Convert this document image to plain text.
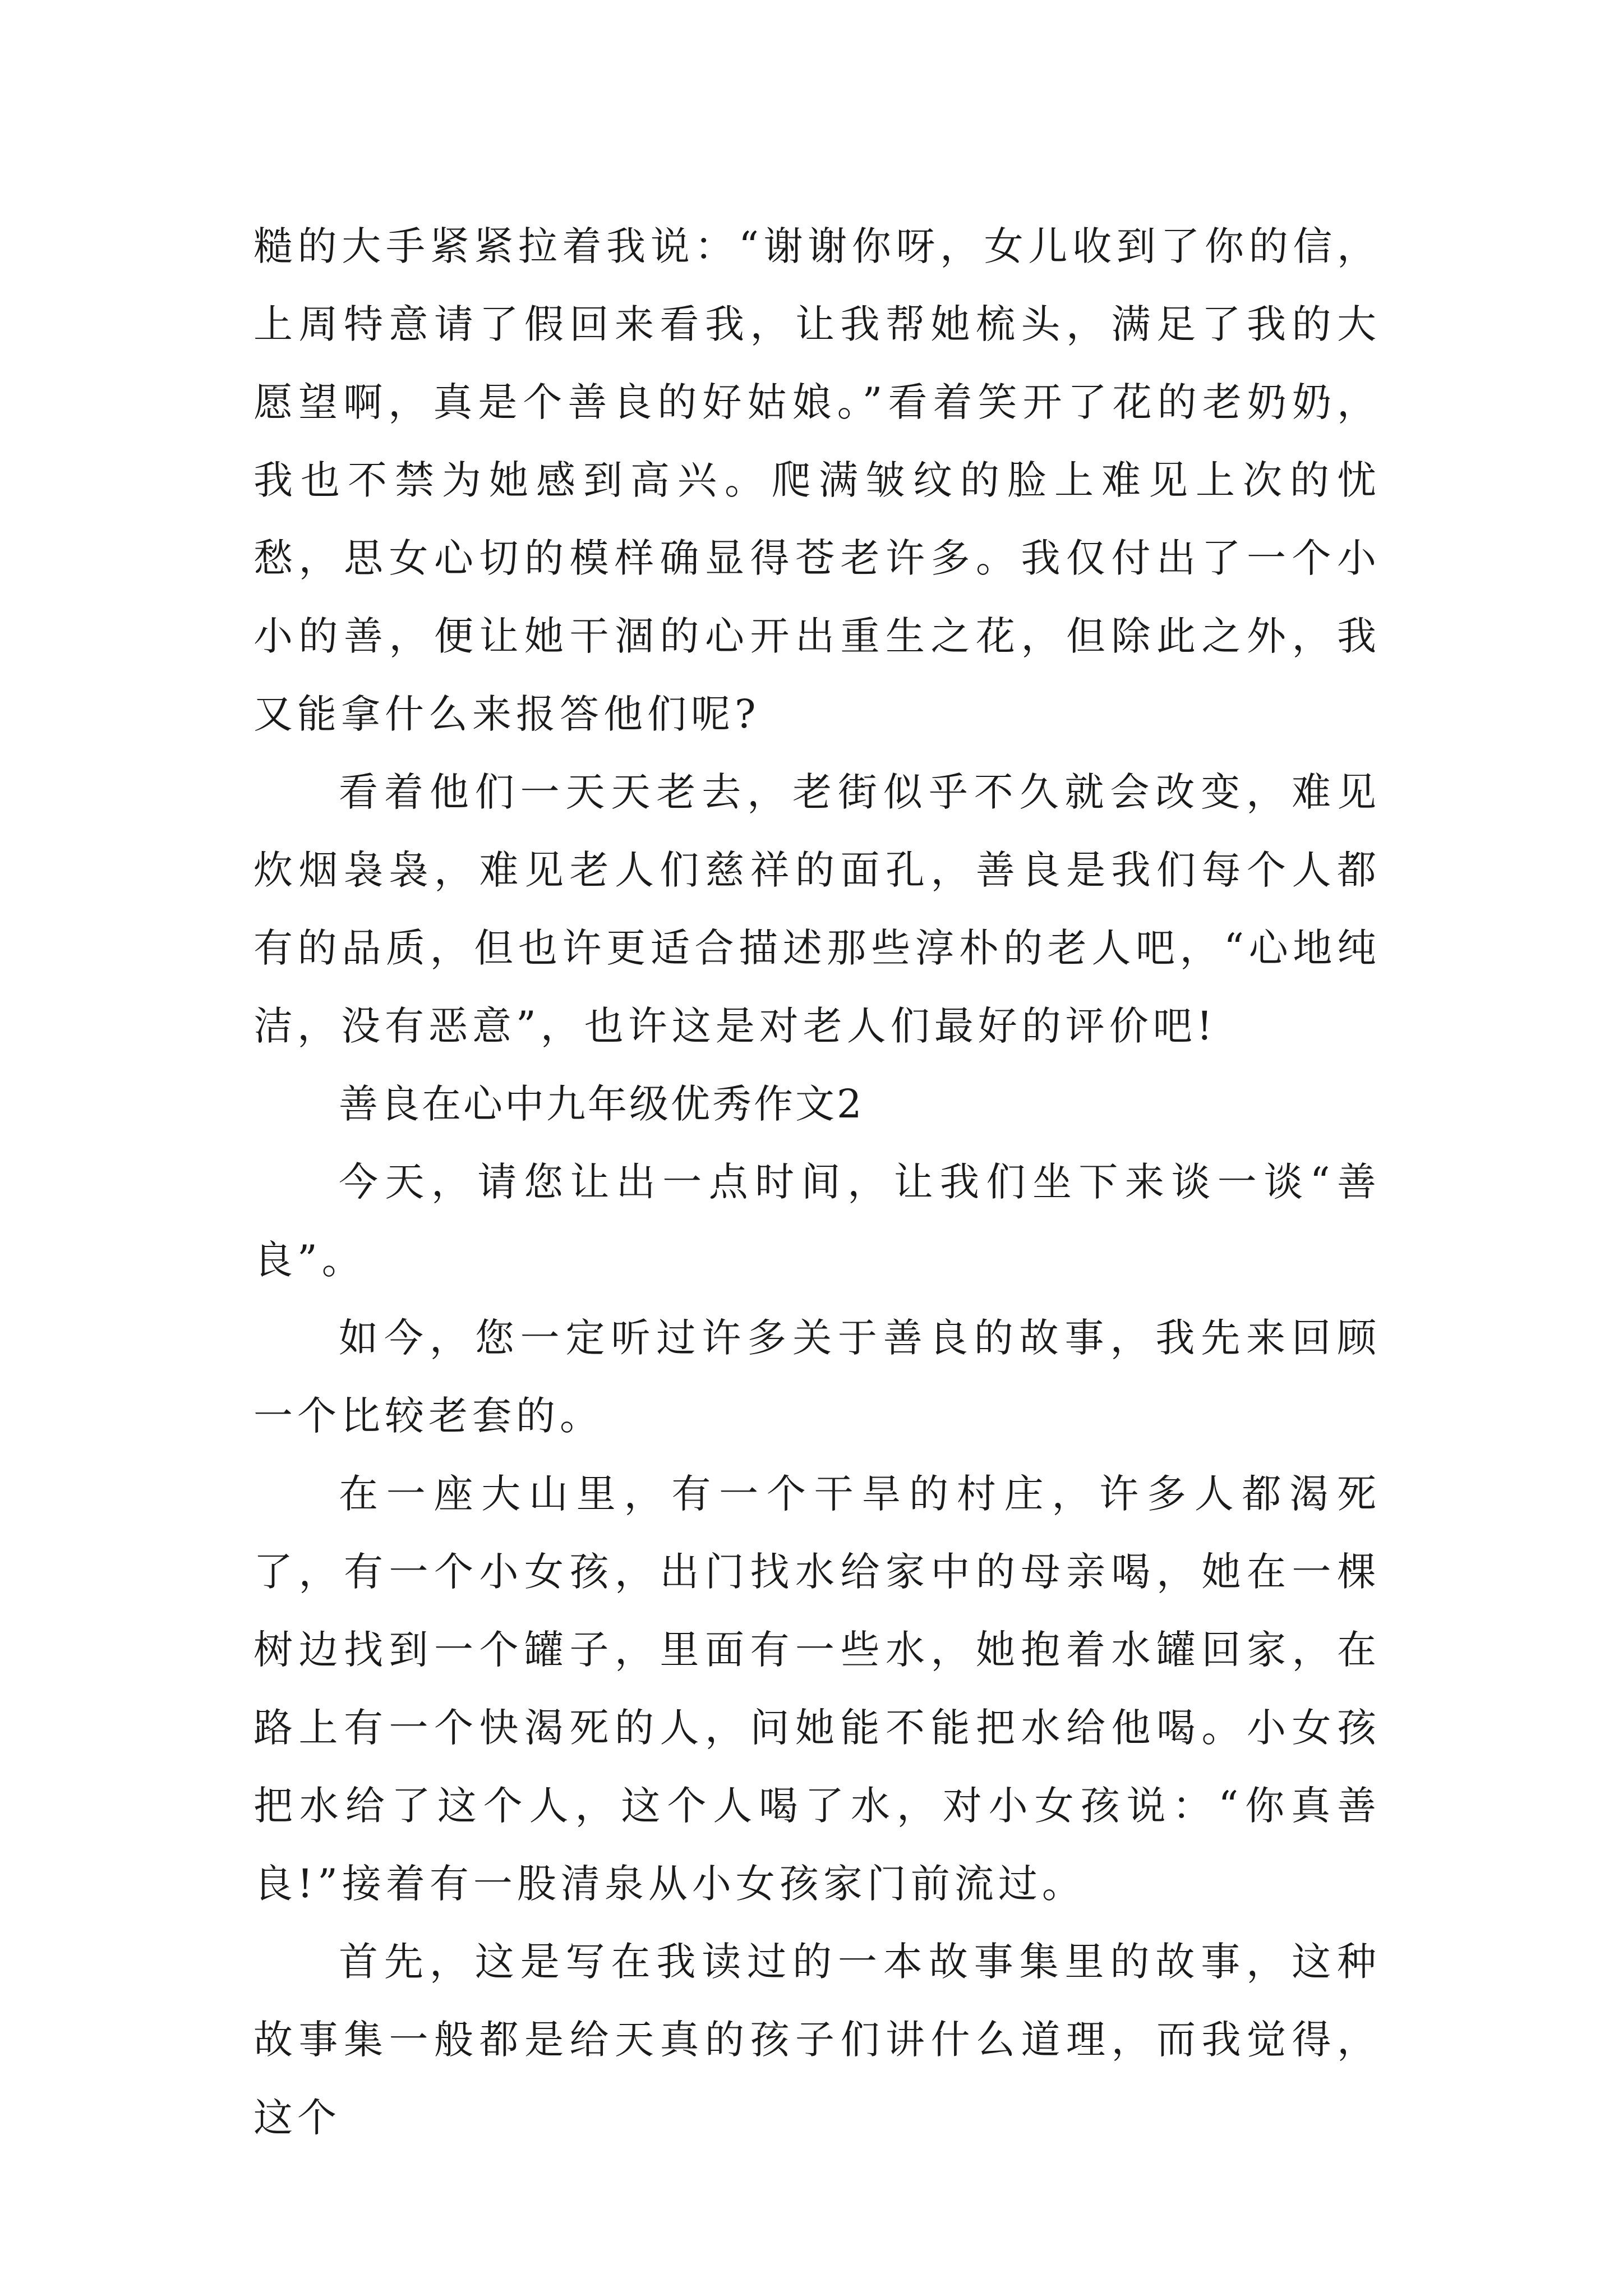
糙的大手紧紧拉着我说：“谢谢你呀，女儿收到了你的信，上周特意请了假回来看我，让我帮她梳头，满足了我的大愿望啊，真是个善良的好姑娘。”看着笑开了花的老奶奶，我也不禁为她感到高兴。爬满皱纹的脸上难见上次的忧愁，思女心切的模样确显得苍老许多。我仅付出了一个小小的善，便让她干涸的心开出重生之花，但除此之外，我又能拿什么来报答他们呢?

看着他们一天天老去，老街似乎不久就会改变，难见炊烟袅袅，难见老人们慈祥的面孔，善良是我们每个人都有的品质，但也许更适合描述那些淳朴的老人吧，“心地纯洁，没有恶意”，也许这是对老人们最好的评价吧!

善良在心中九年级优秀作文2

今天，请您让出一点时间，让我们坐下来谈一谈“善良”。

如今，您一定听过许多关于善良的故事，我先来回顾一个比较老套的。

在一座大山里，有一个干旱的村庄，许多人都渴死了，有一个小女孩，出门找水给家中的母亲喝，她在一棵树边找到一个罐子，里面有一些水，她抱着水罐回家，在路上有一个快渴死的人，问她能不能把水给他喝。小女孩把水给了这个人，这个人喝了水，对小女孩说：“你真善良!”接着有一股清泉从小女孩家门前流过。

首先，这是写在我读过的一本故事集里的故事，这种故事集一般都是给天真的孩子们讲什么道理，而我觉得，这个
